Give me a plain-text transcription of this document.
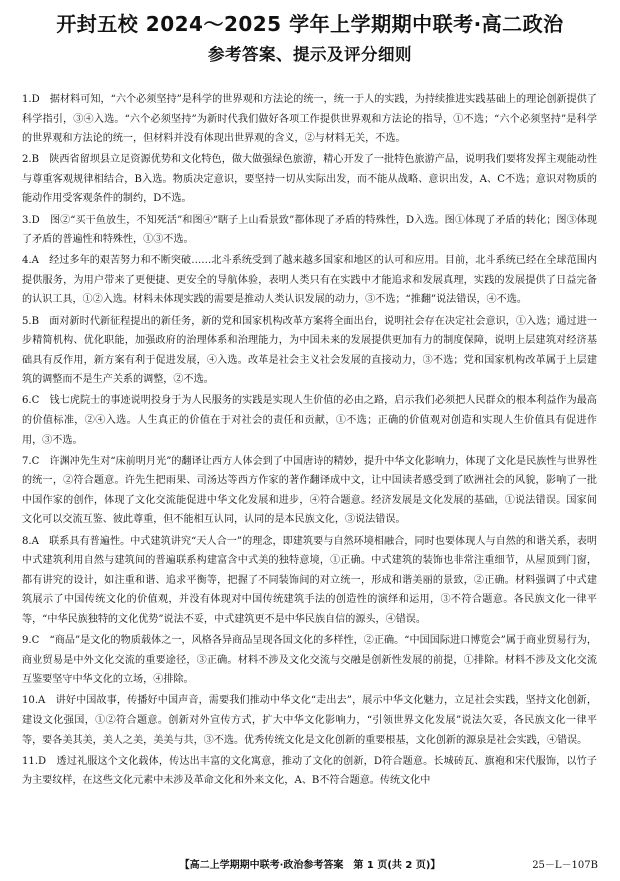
开封五校 2024～2025 学年上学期期中联考·高二政治
参考答案、提示及评分细则

1.D　据材料可知，“六个必须坚持”是科学的世界观和方法论的统一，统一于人的实践，为持续推进实践基础上的理论创新提供了科学指引，③④入选。“六个必须坚持”为新时代我们做好各项工作提供世界观和方法论的指导，①不选；“六个必须坚持”是科学的世界观和方法论的统一，但材料并没有体现出世界观的含义，②与材料无关，不选。

2.B　陕西省留坝县立足资源优势和文化特色，做大做强绿色旅游，精心开发了一批特色旅游产品，说明我们要将发挥主观能动性与尊重客观规律相结合，B入选。物质决定意识，要坚持一切从实际出发，而不能从战略、意识出发，A、C不选；意识对物质的能动作用受客观条件的制约，D不选。

3.D　图②“买干鱼放生，不知死活”和图④“瞎子上山看景致”都体现了矛盾的特殊性，D入选。图①体现了矛盾的转化；图③体现了矛盾的普遍性和特殊性，①③不选。

4.A　经过多年的艰苦努力和不断突破……北斗系统受到了越来越多国家和地区的认可和应用。目前，北斗系统已经在全球范围内提供服务，为用户带来了更便捷、更安全的导航体验，表明人类只有在实践中才能追求和发展真理，实践的发展提供了日益完备的认识工具，①②入选。材料未体现实践的需要是推动人类认识发展的动力，③不选；“推翻”说法错误，④不选。

5.B　面对新时代新征程提出的新任务，新的党和国家机构改革方案将全面出台，说明社会存在决定社会意识，①入选；通过进一步精简机构、优化职能，加强政府的治理体系和治理能力，为中国未来的发展提供更加有力的制度保障，说明上层建筑对经济基础具有反作用，新方案有利于促进发展，④入选。改革是社会主义社会发展的直接动力，③不选；党和国家机构改革属于上层建筑的调整而不是生产关系的调整，②不选。

6.C　钱七虎院士的事迹说明投身于为人民服务的实践是实现人生价值的必由之路，启示我们必须把人民群众的根本利益作为最高的价值标准，②④入选。人生真正的价值在于对社会的责任和贡献，①不选；正确的价值观对创造和实现人生价值具有促进作用，③不选。

7.C　许渊冲先生对“床前明月光”的翻译让西方人体会到了中国唐诗的精妙，提升中华文化影响力，体现了文化是民族性与世界性的统一，②符合题意。许先生把雨果、司汤达等西方作家的著作翻译成中文，让中国读者感受到了欧洲社会的风貌，影响了一批中国作家的创作，体现了文化交流能促进中华文化发展和进步，④符合题意。经济发展是文化发展的基础，①说法错误。国家间文化可以交流互鉴、彼此尊重，但不能相互认同，认同的是本民族文化，③说法错误。

8.A　联系具有普遍性。中式建筑讲究“天人合一”的理念，即建筑要与自然环境相融合，同时也要体现人与自然的和谐关系，表明中式建筑利用自然与建筑间的普遍联系构建富含中式美的独特意境，①正确。中式建筑的装饰也非常注重细节，从屋顶到门窗，都有讲究的设计，如注重和谐、追求平衡等，把握了不同装饰间的对立统一，形成和谐美丽的景致，②正确。材料强调了中式建筑展示了中国传统文化的价值观，并没有体现对中国传统建筑手法的创造性的演绎和运用，③不符合题意。各民族文化一律平等，“中华民族独特的文化优势”说法不妥，中式建筑更不是中华民族自信的源头，④错误。

9.C　“商品”是文化的物质载体之一，风格各异商品呈现各国文化的多样性，②正确。“中国国际进口博览会”属于商业贸易行为，商业贸易是中外文化交流的重要途径，③正确。材料不涉及文化交流与交融是创新性发展的前提，①排除。材料不涉及文化交流互鉴要坚守中华文化的立场，④排除。

10.A　讲好中国故事，传播好中国声音，需要我们推动中华文化“走出去”，展示中华文化魅力，立足社会实践，坚持文化创新，建设文化强国，①②符合题意。创新对外宣传方式，扩大中华文化影响力，“引领世界文化发展”说法欠妥，各民族文化一律平等，要各美其美，美人之美，美美与共，③不选。优秀传统文化是文化创新的重要根基，文化创新的源泉是社会实践，④错误。

11.D　透过礼服这个文化载体，传达出丰富的文化寓意，推动了文化的创新，D符合题意。长城砖瓦、旗袍和宋代服饰，以竹子为主要纹样，在这些文化元素中未涉及革命文化和外来文化，A、B不符合题意。传统文化中

【高二上学期期中联考·政治参考答案　第 1 页(共 2 页)】	25－L－107B
